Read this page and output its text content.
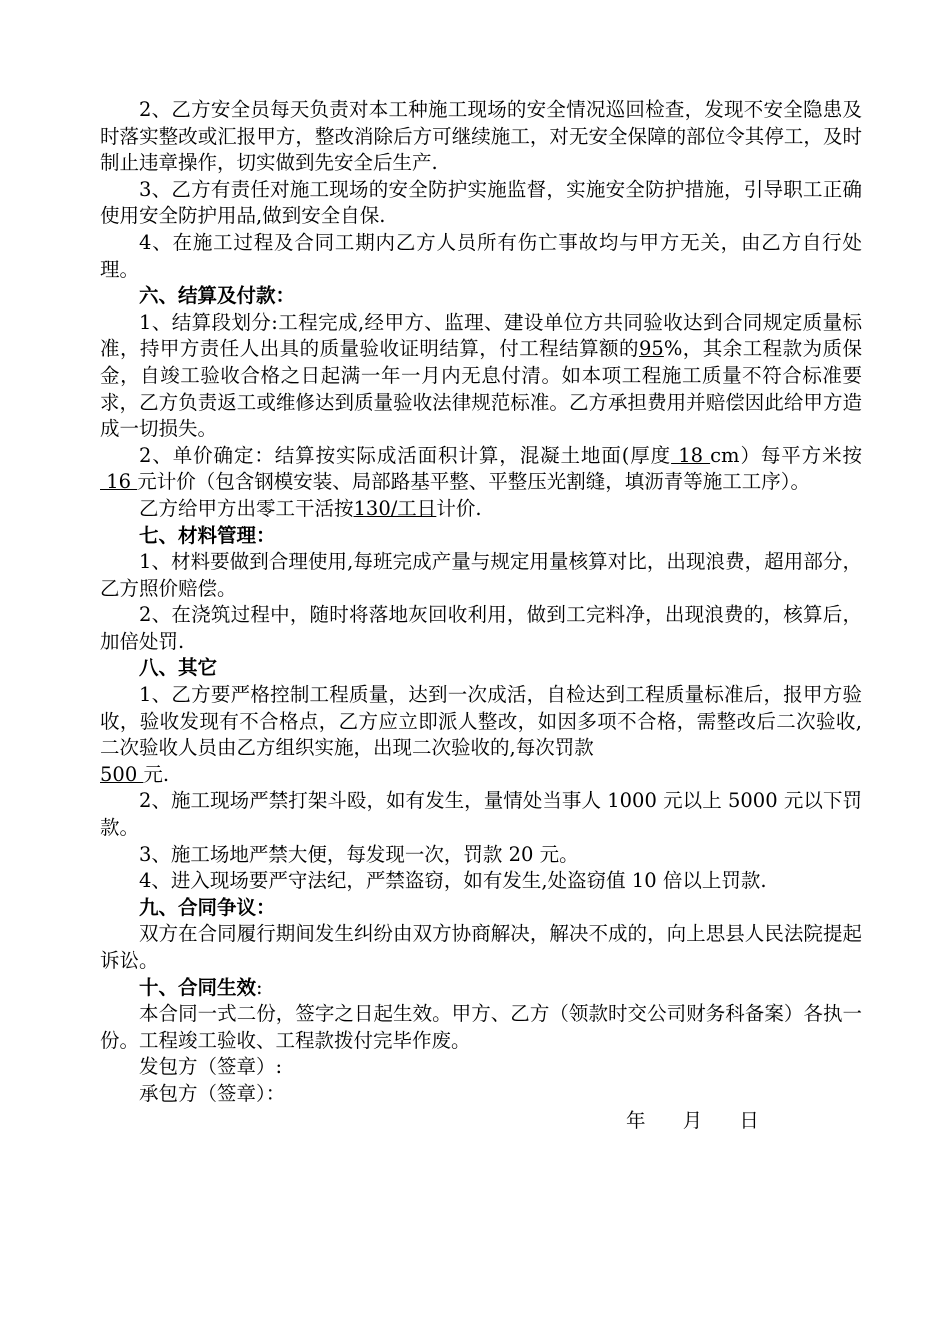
2、乙方安全员每天负责对本工种施工现场的安全情况巡回检查，发现不安全隐患及时落实整改或汇报甲方，整改消除后方可继续施工，对无安全保障的部位令其停工，及时制止违章操作，切实做到先安全后生产.

3、乙方有责任对施工现场的安全防护实施监督，实施安全防护措施，引导职工正确使用安全防护用品,做到安全自保.

4、在施工过程及合同工期内乙方人员所有伤亡事故均与甲方无关，由乙方自行处理。

六、结算及付款：

1、结算段划分:工程完成,经甲方、监理、建设单位方共同验收达到合同规定质量标准，持甲方责任人出具的质量验收证明结算，付工程结算额的95%，其余工程款为质保金，自竣工验收合格之日起满一年一月内无息付清。如本项工程施工质量不符合标准要求，乙方负责返工或维修达到质量验收法律规范标准。乙方承担费用并赔偿因此给甲方造成一切损失。

2、单价确定：结算按实际成活面积计算，混凝土地面(厚度 18 cm）每平方米按 16 元计价（包含钢模安装、局部路基平整、平整压光割缝，填沥青等施工工序）。

乙方给甲方出零工干活按130/工日计价.

七、材料管理：

1、材料要做到合理使用,每班完成产量与规定用量核算对比，出现浪费，超用部分，乙方照价赔偿。

2、在浇筑过程中，随时将落地灰回收利用，做到工完料净，出现浪费的，核算后，加倍处罚.

八、其它

1、乙方要严格控制工程质量，达到一次成活，自检达到工程质量标准后，报甲方验收，验收发现有不合格点，乙方应立即派人整改，如因多项不合格，需整改后二次验收,二次验收人员由乙方组织实施，出现二次验收的,每次罚款
500 元.

2、施工现场严禁打架斗殴，如有发生，量情处当事人 1000 元以上 5000 元以下罚款。

3、施工场地严禁大便，每发现一次，罚款 20 元。

4、进入现场要严守法纪，严禁盗窃，如有发生,处盗窃值 10 倍以上罚款.

九、合同争议：

双方在合同履行期间发生纠纷由双方协商解决，解决不成的，向上思县人民法院提起诉讼。

十、合同生效:

本合同一式二份，签字之日起生效。甲方、乙方（领款时交公司财务科备案）各执一份。工程竣工验收、工程款拨付完毕作废。

发包方（签章）:

承包方（签章）：

年      月      日
